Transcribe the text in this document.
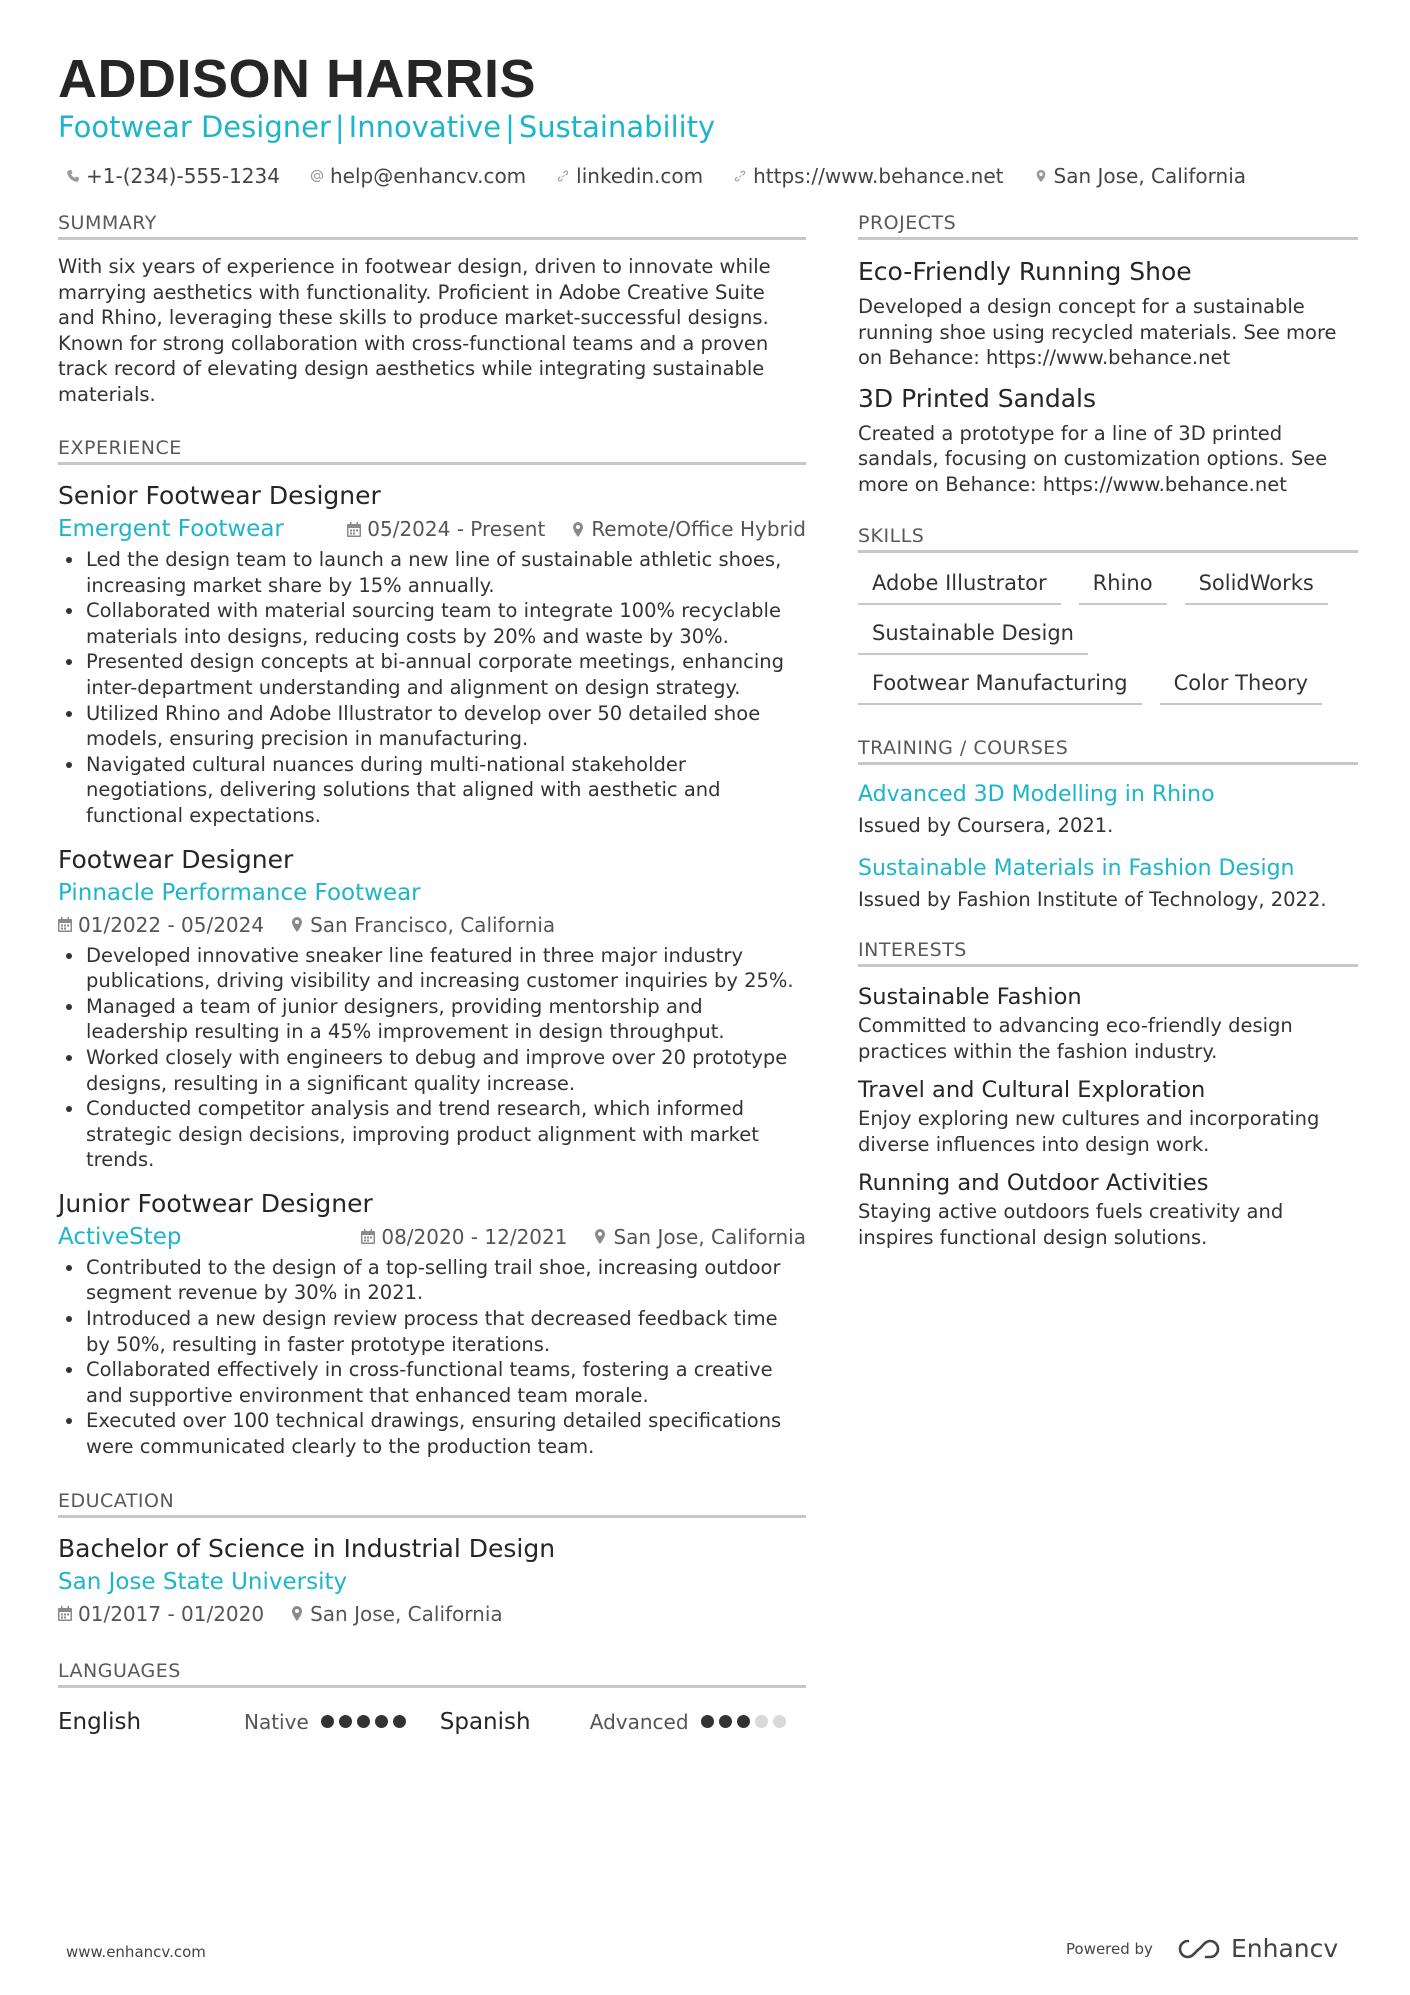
ADDISON HARRIS
Footwear Designer | Innovative | Sustainability
+1-(234)-555-1234	help@enhancv.com	linkedin.com	https://www.behance.net	San Jose, California
SUMMARY
With six years of experience in footwear design, driven to innovate while marrying aesthetics with functionality. Proficient in Adobe Creative Suite and Rhino, leveraging these skills to produce market-successful designs. Known for strong collaboration with cross-functional teams and a proven track record of elevating design aesthetics while integrating sustainable materials.
EXPERIENCE
Senior Footwear Designer
Emergent Footwear	05/2024 - Present Remote/Office Hybrid
Led the design team to launch a new line of sustainable athletic shoes, increasing market share by 15% annually.
Collaborated with material sourcing team to integrate 100% recyclable materials into designs, reducing costs by 20% and waste by 30%.
Presented design concepts at bi-annual corporate meetings, enhancing inter-department understanding and alignment on design strategy.
Utilized Rhino and Adobe Illustrator to develop over 50 detailed shoe models, ensuring precision in manufacturing.
Navigated cultural nuances during multi-national stakeholder negotiations, delivering solutions that aligned with aesthetic and functional expectations.
Footwear Designer
Pinnacle Performance Footwear
01/2022 - 05/2024 San Francisco, California
Developed innovative sneaker line featured in three major industry publications, driving visibility and increasing customer inquiries by 25%.
Managed a team of junior designers, providing mentorship and leadership resulting in a 45% improvement in design throughput.
Worked closely with engineers to debug and improve over 20 prototype designs, resulting in a significant quality increase.
Conducted competitor analysis and trend research, which informed strategic design decisions, improving product alignment with market trends.
Junior Footwear Designer
ActiveStep	08/2020 - 12/2021 San Jose, California
Contributed to the design of a top-selling trail shoe, increasing outdoor segment revenue by 30% in 2021.
Introduced a new design review process that decreased feedback time by 50%, resulting in faster prototype iterations.
Collaborated effectively in cross-functional teams, fostering a creative and supportive environment that enhanced team morale.
Executed over 100 technical drawings, ensuring detailed specifications were communicated clearly to the production team.
EDUCATION
Bachelor of Science in Industrial Design
San Jose State University
01/2017 - 01/2020 San Jose, California
LANGUAGES
English	Native	Spanish	Advanced
PROJECTS
Eco-Friendly Running Shoe
Developed a design concept for a sustainable running shoe using recycled materials. See more on Behance: https://www.behance.net
3D Printed Sandals
Created a prototype for a line of 3D printed sandals, focusing on customization options. See more on Behance: https://www.behance.net
SKILLS
Adobe Illustrator	Rhino	SolidWorks
Sustainable Design
Footwear Manufacturing	Color Theory
TRAINING / COURSES
Advanced 3D Modelling in Rhino
Issued by Coursera, 2021.
Sustainable Materials in Fashion Design
Issued by Fashion Institute of Technology, 2022.
INTERESTS
Sustainable Fashion
Committed to advancing eco-friendly design practices within the fashion industry.
Travel and Cultural Exploration
Enjoy exploring new cultures and incorporating diverse influences into design work.
Running and Outdoor Activities
Staying active outdoors fuels creativity and inspires functional design solutions.
www.enhancv.com	Powered by	Enhancv
